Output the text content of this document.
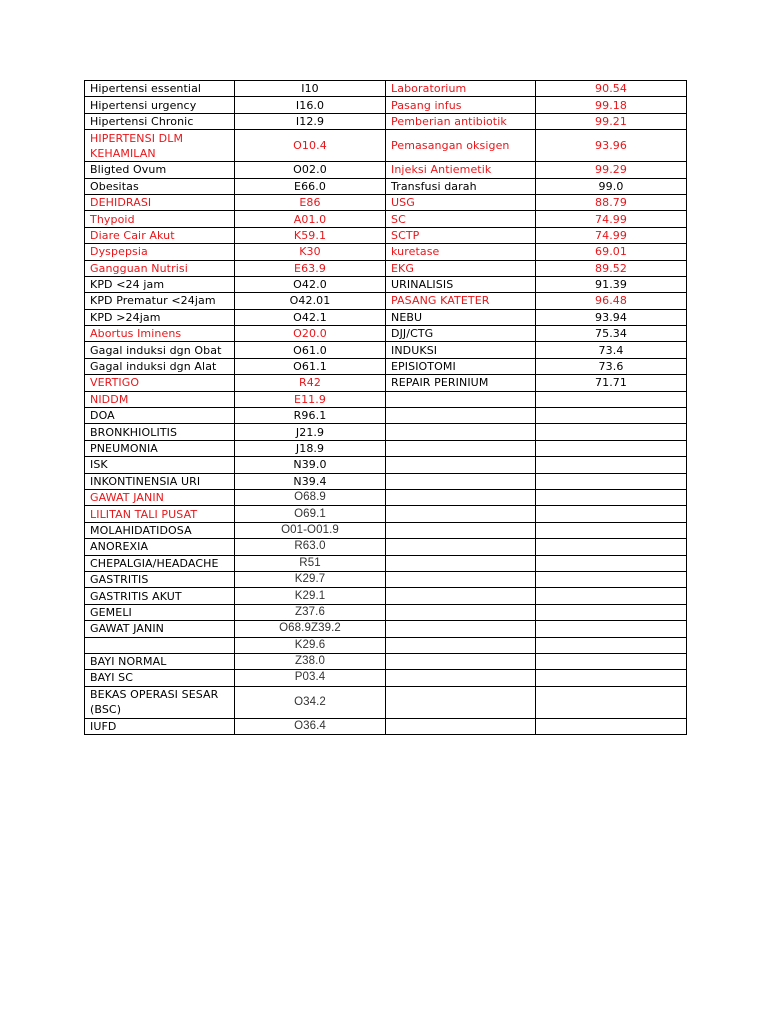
Hipertensi essential	I10	Laboratorium	90.54
Hipertensi urgency	I16.0	Pasang infus	99.18
Hipertensi Chronic	I12.9	Pemberian antibiotik	99.21
HIPERTENSI DLM KEHAMILAN	O10.4	Pemasangan oksigen	93.96
Bligted Ovum	O02.0	Injeksi Antiemetik	99.29
Obesitas	E66.0	Transfusi darah	99.0
DEHIDRASI	E86	USG	88.79
Thypoid	A01.0	SC	74.99
Diare Cair Akut	K59.1	SCTP	74.99
Dyspepsia	K30	kuretase	69.01
Gangguan Nutrisi	E63.9	EKG	89.52
KPD <24 jam	O42.0	URINALISIS	91.39
KPD Prematur <24jam	O42.01	PASANG KATETER	96.48
KPD >24jam	O42.1	NEBU	93.94
Abortus Iminens	O20.0	DJJ/CTG	75.34
Gagal induksi dgn Obat	O61.0	INDUKSI	73.4
Gagal induksi dgn Alat	O61.1	EPISIOTOMI	73.6
VERTIGO	R42	REPAIR PERINIUM	71.71
NIDDM	E11.9		
DOA	R96.1		
BRONKHIOLITIS	J21.9		
PNEUMONIA	J18.9		
ISK	N39.0		
INKONTINENSIA URI	N39.4		
GAWAT JANIN	O68.9		
LILITAN TALI PUSAT	O69.1		
MOLAHIDATIDOSA	O01-O01.9		
ANOREXIA	R63.0		
CHEPALGIA/HEADACHE	R51		
GASTRITIS	K29.7		
GASTRITIS AKUT	K29.1		
GEMELI	Z37.6		
GAWAT JANIN	O68.9Z39.2		
	K29.6		
BAYI NORMAL	Z38.0		
BAYI SC	P03.4		
BEKAS OPERASI SESAR (BSC)	O34.2		
IUFD	O36.4		
